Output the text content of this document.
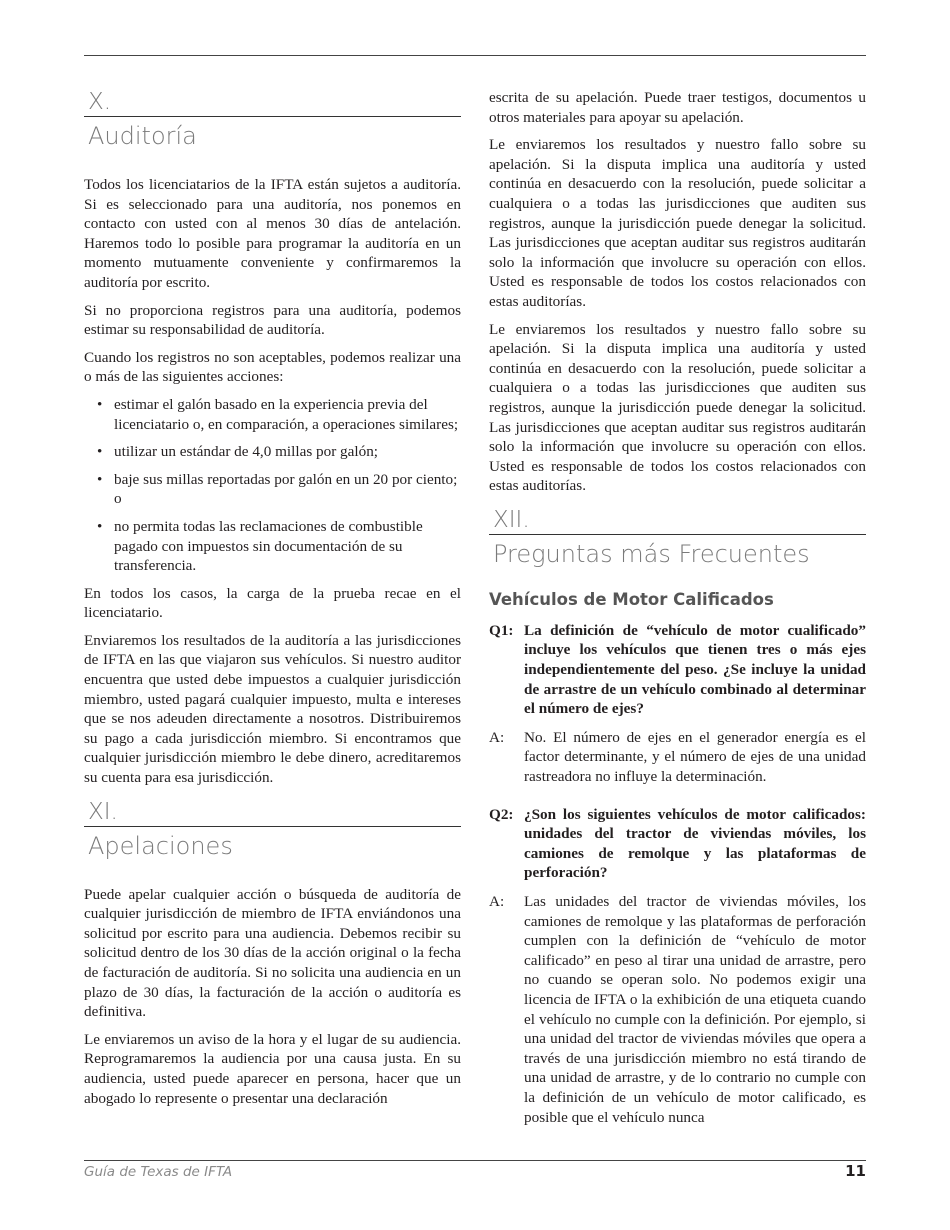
X.
Auditoría

Todos los licenciatarios de la IFTA están sujetos a auditoría. Si es seleccionado para una auditoría, nos ponemos en contacto con usted con al menos 30 días de antelación. Haremos todo lo posible para programar la auditoría en un momento mutuamente conveniente y confirmaremos la auditoría por escrito.

Si no proporciona registros para una auditoría, podemos estimar su responsabilidad de auditoría.

Cuando los registros no son aceptables, podemos realizar una o más de las siguientes acciones:

• estimar el galón basado en la experiencia previa del licenciatario o, en comparación, a operaciones similares;
• utilizar un estándar de 4,0 millas por galón;
• baje sus millas reportadas por galón en un 20 por ciento; o
• no permita todas las reclamaciones de combustible pagado con impuestos sin documentación de su transferencia.

En todos los casos, la carga de la prueba recae en el licenciatario.

Enviaremos los resultados de la auditoría a las jurisdicciones de IFTA en las que viajaron sus vehículos. Si nuestro auditor encuentra que usted debe impuestos a cualquier jurisdicción miembro, usted pagará cualquier impuesto, multa e intereses que se nos adeuden directamente a nosotros. Distribuiremos su pago a cada jurisdicción miembro. Si encontramos que cualquier jurisdicción miembro le debe dinero, acreditaremos su cuenta para esa jurisdicción.

XI.
Apelaciones

Puede apelar cualquier acción o búsqueda de auditoría de cualquier jurisdicción de miembro de IFTA enviándonos una solicitud por escrito para una audiencia. Debemos recibir su solicitud dentro de los 30 días de la acción original o la fecha de facturación de auditoría. Si no solicita una audiencia en un plazo de 30 días, la facturación de la acción o auditoría es definitiva.

Le enviaremos un aviso de la hora y el lugar de su audiencia. Reprogramaremos la audiencia por una causa justa. En su audiencia, usted puede aparecer en persona, hacer que un abogado lo represente o presentar una declaración

escrita de su apelación. Puede traer testigos, documentos u otros materiales para apoyar su apelación.

Le enviaremos los resultados y nuestro fallo sobre su apelación. Si la disputa implica una auditoría y usted continúa en desacuerdo con la resolución, puede solicitar a cualquiera o a todas las jurisdicciones que auditen sus registros, aunque la jurisdicción puede denegar la solicitud. Las jurisdicciones que aceptan auditar sus registros auditarán solo la información que involucre su operación con ellos. Usted es responsable de todos los costos relacionados con estas auditorías.

Le enviaremos los resultados y nuestro fallo sobre su apelación. Si la disputa implica una auditoría y usted continúa en desacuerdo con la resolución, puede solicitar a cualquiera o a todas las jurisdicciones que auditen sus registros, aunque la jurisdicción puede denegar la solicitud. Las jurisdicciones que aceptan auditar sus registros auditarán solo la información que involucre su operación con ellos. Usted es responsable de todos los costos relacionados con estas auditorías.

XII.
Preguntas más Frecuentes
Vehículos de Motor Calificados
Q1: La definición de “vehículo de motor cualificado” incluye los vehículos que tienen tres o más ejes independientemente del peso. ¿Se incluye la unidad de arrastre de un vehículo combinado al determinar el número de ejes?
A:	No. El número de ejes en el generador energía es el factor determinante, y el número de ejes de una unidad rastreadora no influye la determinación.
Q2: ¿Son los siguientes vehículos de motor calificados: unidades del tractor de viviendas móviles, los camiones de remolque y las plataformas de perforación?
A:	Las unidades del tractor de viviendas móviles, los camiones de remolque y las plataformas de perforación cumplen con la definición de “vehículo de motor calificado” en peso al tirar una unidad de arrastre, pero no cuando se operan solo. No podemos exigir una licencia de IFTA o la exhibición de una etiqueta cuando el vehículo no cumple con la definición. Por ejemplo, si una unidad del tractor de viviendas móviles que opera a través de una jurisdicción miembro no está tirando de una unidad de arrastre, y de lo contrario no cumple con la definición de un vehículo de motor calificado, es posible que el vehículo nunca
Guía de Texas de IFTA	11
